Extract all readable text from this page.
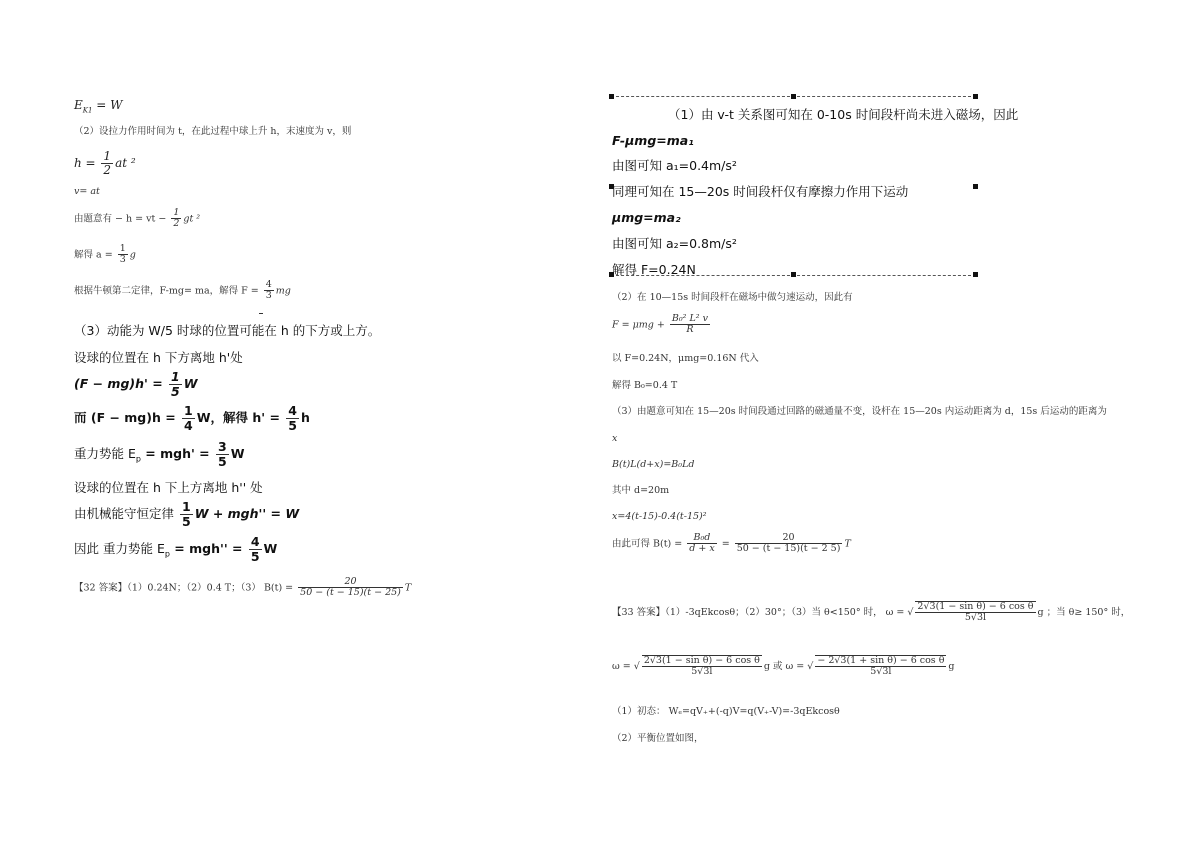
$E_{K1} = W$
（2）设拉力作用时间为 t，在此过程中球上升 h，末速度为 v，则
$h = \frac{1}{2}$ at ²
v= at
由题意有 − h = vt − $\frac{1}{2}$ gt ²
解得 $a = \frac{1}{3}$ g
根据牛顿第二定律，F-mg= ma，解得 $F = \frac{4}{3}$ mg
（3）动能为 W/5 时球的位置可能在 h 的下方或上方。
设球的位置在 h 下方离地 h'处
$(F - mg)h' = \frac{1}{5}$ W
而 $(F - mg)h = \frac{1}{4}$ W，解得 $h' = \frac{4}{5}$ h
重力势能 $E_p = mgh' = \frac{3}{5}$ W
设球的位置在 h 下上方离地 h'' 处
由机械能守恒定律 $\frac{1}{5}$ W + mgh'' = W
因此 重力势能 $E_p = mgh'' = \frac{4}{5}$ W
【32 答案】（1）0.24N；（2）0.4 T；（3） $B(t) = \frac{20}{50 - (t - 15)(t - 25)}$ T
（1）由 v-t 关系图可知在 0-10s 时间段杆尚未进入磁场，因此
F-μmg=ma₁
由图可知 a₁=0.4m/s²
同理可知在 15—20s 时间段杆仅有摩擦力作用下运动
μmg=ma₂
由图可知 a₂=0.8m/s²
解得 F=0.24N
（2）在 10—15s 时间段杆在磁场中做匀速运动，因此有
$F = \mu mg + \frac{\text{B₀² L² v}}{R}$
以 F=0.24N，μmg=0.16N 代入
解得 B₀=0.4 T
（3）由题意可知在 15—20s 时间段通过回路的磁通量不变，设杆在 15—20s 内运动距离为 d，15s 后运动的距离为
x
B(t)L(d+x)=B₀Ld
其中 d=20m
x=4(t-15)-0.4(t-15)²
由此可得 $B(t) = \frac{\text{B₀d}}{d + x} = \frac{20}{50 - (t - 15)(t - 2 5)}$ T
【33 答案】（1）-3qEkcosθ；（2）30°；（3）当 θ<150° 时， ω = √ $\frac{\text{2√3(1 − sin θ) − 6 cos θ}}{5√3l}$ g ；当 θ≥ 150° 时，
ω = √ $\frac{\text{2√3(1 − sin θ) − 6 cos θ}}{5√3l}$ g 或 ω = √ $\frac{\text{− 2√3(1 + sin θ) − 6 cos θ}}{5√3l}$ g
（1）初态： Wₑ=qV₊+(-q)V=q(V₊-V)=-3qEkcosθ
（2）平衡位置如图，
